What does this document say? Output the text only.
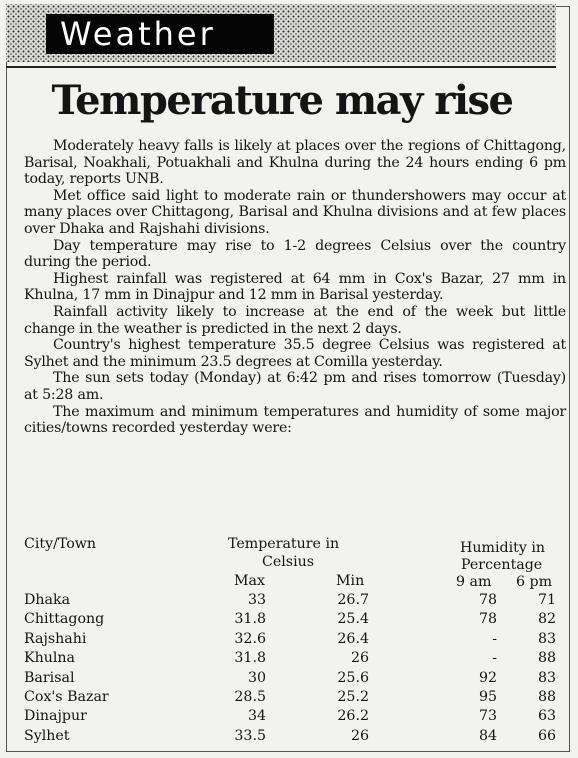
Weather
Temperature may rise

Moderately heavy falls is likely at places over the regions of Chittagong, Barisal, Noakhali, Potuakhali and Khulna during the 24 hours ending 6 pm today, reports UNB.

Met office said light to moderate rain or thundershowers may occur at many places over Chittagong, Barisal and Khulna divisions and at few places over Dhaka and Rajshahi divisions.

Day temperature may rise to 1-2 degrees Celsius over the country during the period.

Highest rainfall was registered at 64 mm in Cox's Bazar, 27 mm in Khulna, 17 mm in Dinajpur and 12 mm in Barisal yesterday.

Rainfall activity likely to increase at the end of the week but little change in the weather is predicted in the next 2 days.

Country's highest temperature 35.5 degree Celsius was registered at Sylhet and the minimum 23.5 degrees at Comilla yesterday.

The sun sets today (Monday) at 6:42 pm and rises tomorrow (Tuesday) at 5:28 am.

The maximum and minimum temperatures and humidity of some major cities/towns recorded yesterday were:

City/Town	Temperature in
Celsius
Max	Min
Humidity in
Percentage
9 am 6 pm
Dhaka	33	26.7	78	71
Chittagong	31.8	25.4	78	82
Rajshahi	32.6	26.4	-	83
Khulna	31.8	26	-	88
Barisal	30	25.6	92	83
Cox's Bazar	28.5	25.2	95	88
Dinajpur	34	26.2	73	63
Sylhet	33.5	26	84	66
